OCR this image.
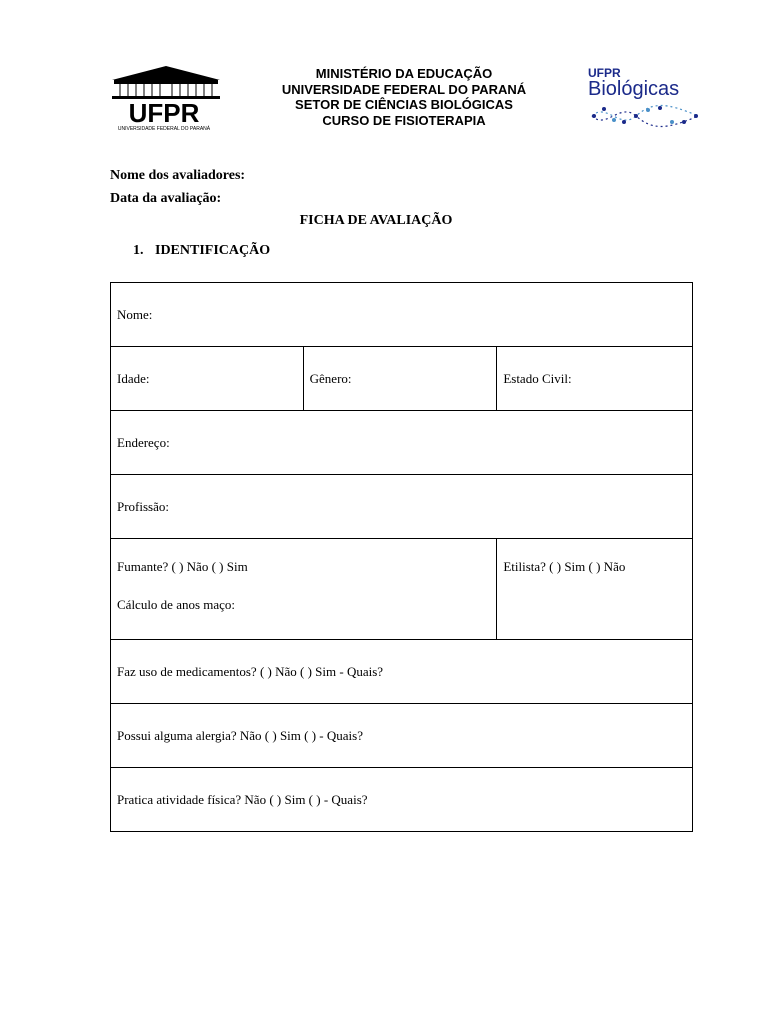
UFPR
UNIVERSIDADE FEDERAL DO PARANÁ
MINISTÉRIO DA EDUCAÇÃO
UNIVERSIDADE FEDERAL DO PARANÁ
SETOR DE CIÊNCIAS BIOLÓGICAS
CURSO DE FISIOTERAPIA
UFPR
Biológicas
Nome dos avaliadores:
Data da avaliação:
FICHA DE AVALIAÇÃO
1. IDENTIFICAÇÃO
Nome:		
Idade:	Gênero:	Estado Civil:
Endereço:		
Profissão:		

Fumante? ( ) Não ( ) Sim
Cálculo de anos maço:		Etilista? ( ) Sim ( ) Não

Faz uso de medicamentos? ( ) Não ( ) Sim - Quais?		
Possui alguma alergia? Não ( ) Sim ( ) - Quais?		
Pratica atividade física? Não ( ) Sim ( ) - Quais?		
